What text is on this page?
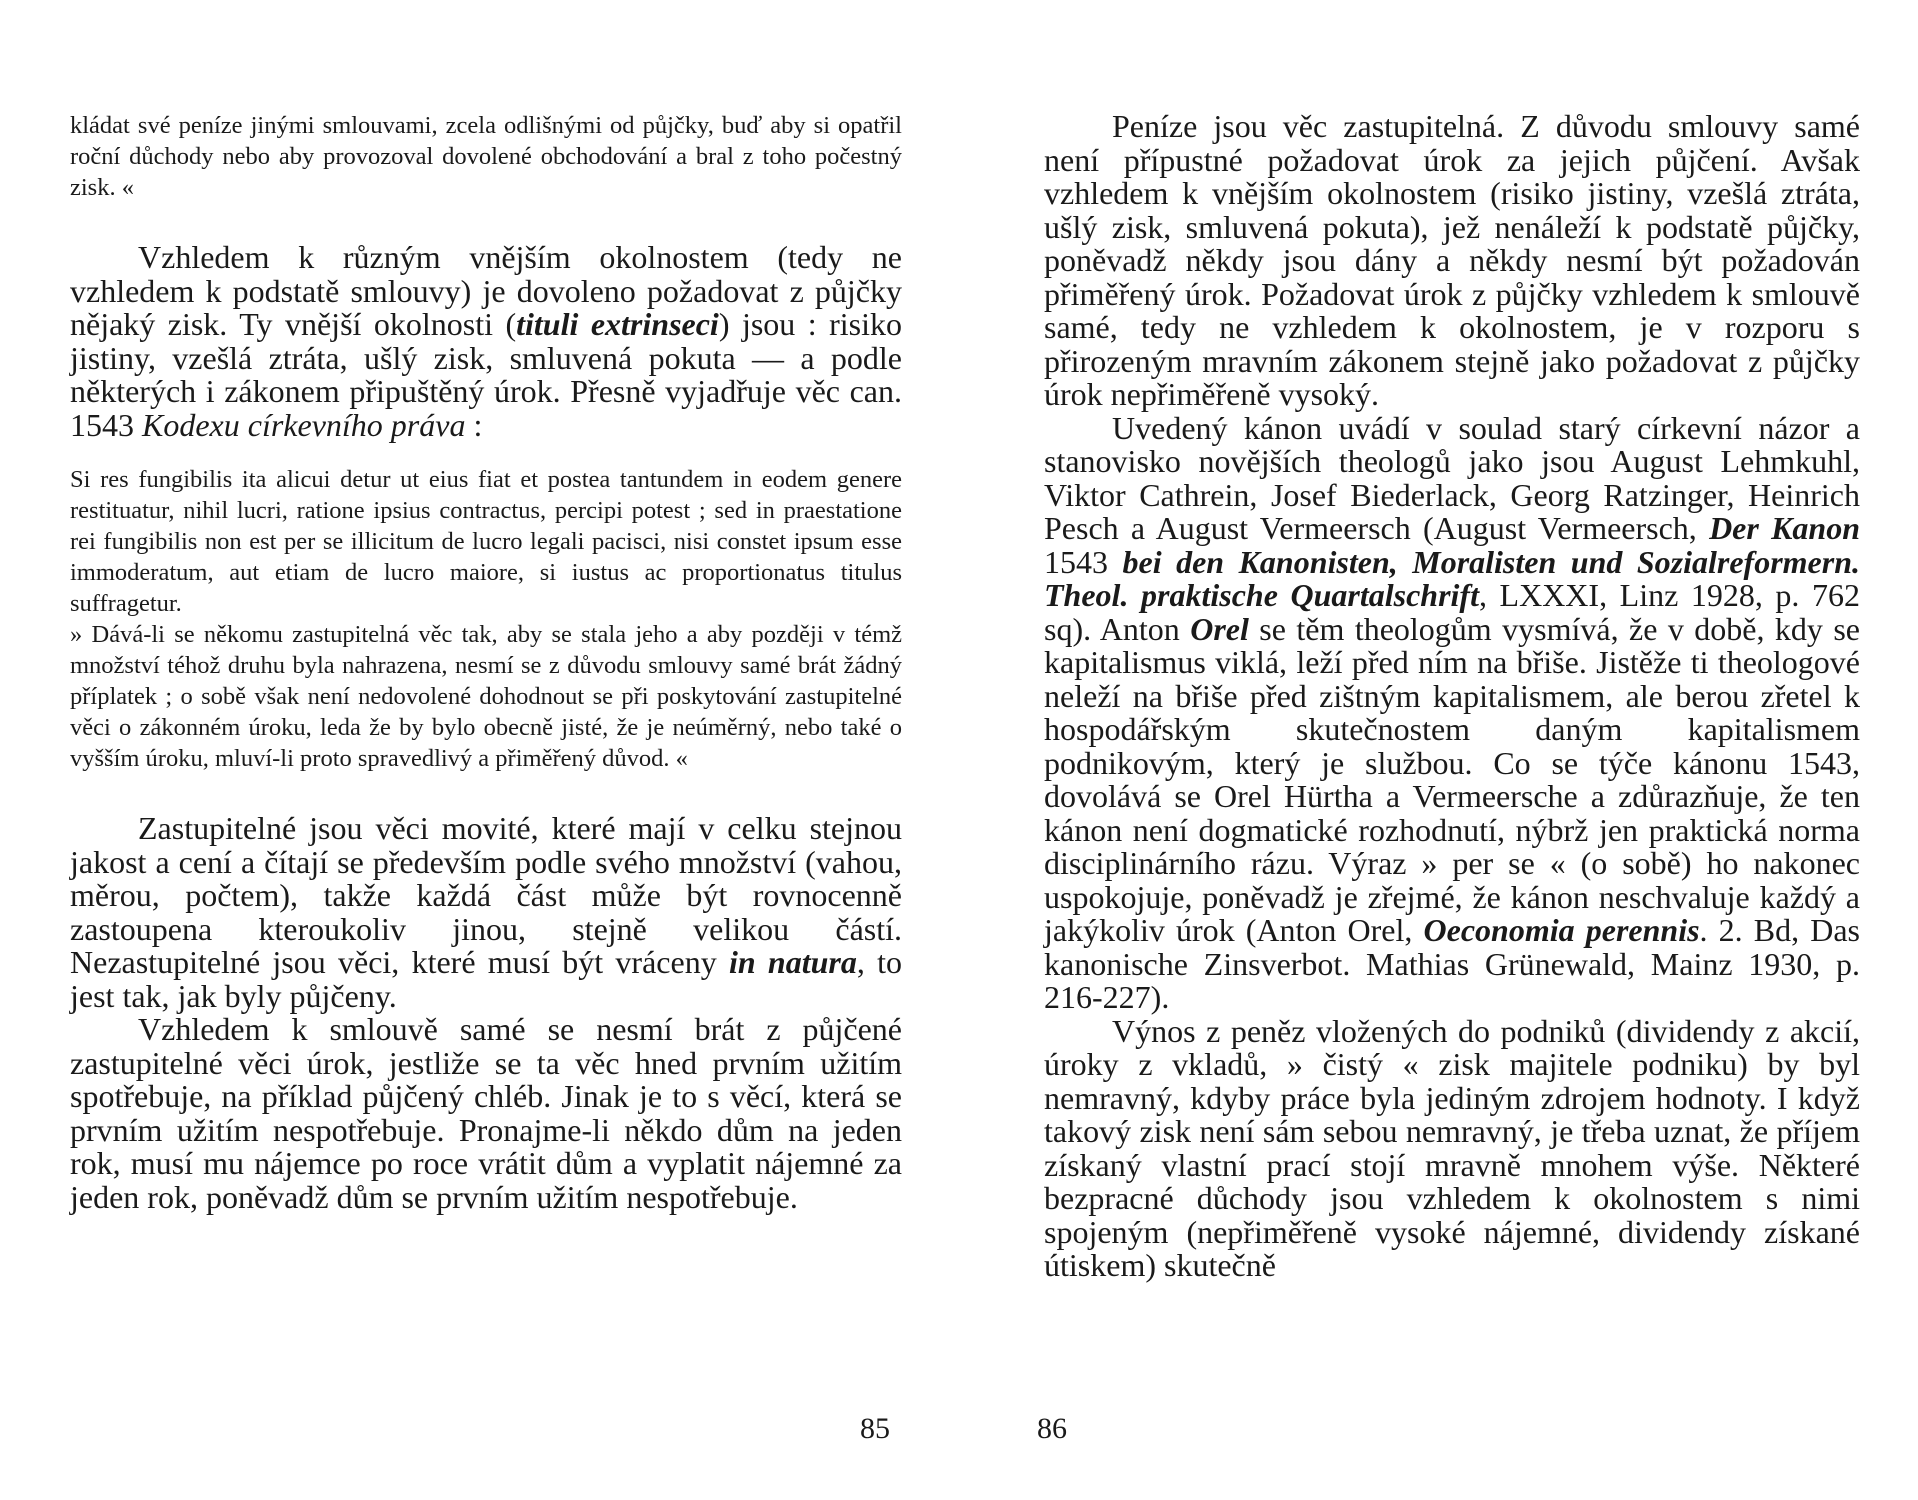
kládat své peníze jinými smlouvami, zcela odlišnými od půjčky, buď aby si opatřil roční důchody nebo aby provozoval dovolené obchodování a bral z toho počestný zisk. «

Vzhledem k různým vnějším okolnostem (tedy ne vzhledem k podstatě smlouvy) je dovoleno požadovat z půjčky nějaký zisk. Ty vnější okolnosti (tituli extrinseci) jsou : risiko jistiny, vzešlá ztráta, ušlý zisk, smluvená pokuta — a podle některých i zákonem připuštěný úrok. Přesně vyjadřuje věc can. 1543 Kodexu církevního práva :

Si res fungibilis ita alicui detur ut eius fiat et postea tantundem in eodem genere restituatur, nihil lucri, ratione ipsius contractus, percipi potest ; sed in praestatione rei fungibilis non est per se illicitum de lucro legali pacisci, nisi constet ipsum esse immoderatum, aut etiam de lucro maiore, si iustus ac proportionatus titulus suffragetur.

» Dává-li se někomu zastupitelná věc tak, aby se stala jeho a aby později v témž množství téhož druhu byla nahrazena, nesmí se z důvodu smlouvy samé brát žádný příplatek ; o sobě však není nedovolené dohodnout se při poskytování zastupitelné věci o zákonném úroku, leda že by bylo obecně jisté, že je neúměrný, nebo také o vyšším úroku, mluví-li proto spravedlivý a přiměřený důvod. «

Zastupitelné jsou věci movité, které mají v celku stejnou jakost a cení a čítají se především podle svého množství (vahou, měrou, počtem), takže každá část může být rovnocenně zastoupena kteroukoliv jinou, stejně velikou částí. Nezastupitelné jsou věci, které musí být vráceny in natura, to jest tak, jak byly půjčeny.

Vzhledem k smlouvě samé se nesmí brát z půjčené zastupitelné věci úrok, jestliže se ta věc hned prvním užitím spotřebuje, na příklad půjčený chléb. Jinak je to s věcí, která se prvním užitím nespotřebuje. Pronajme-li někdo dům na jeden rok, musí mu nájemce po roce vrátit dům a vyplatit nájemné za jeden rok, poněvadž dům se prvním užitím nespotřebuje.

85

Peníze jsou věc zastupitelná. Z důvodu smlouvy samé není přípustné požadovat úrok za jejich půjčení. Avšak vzhledem k vnějším okolnostem (risiko jistiny, vzešlá ztráta, ušlý zisk, smluvená pokuta), jež nenáleží k podstatě půjčky, poněvadž někdy jsou dány a někdy nesmí být požadován přiměřený úrok. Požadovat úrok z půjčky vzhledem k smlouvě samé, tedy ne vzhledem k okolnostem, je v rozporu s přirozeným mravním zákonem stejně jako požadovat z půjčky úrok nepřiměřeně vysoký.

Uvedený kánon uvádí v soulad starý církevní názor a stanovisko novějších theologů jako jsou August Lehmkuhl, Viktor Cathrein, Josef Biederlack, Georg Ratzinger, Heinrich Pesch a August Vermeersch (August Vermeersch, Der Kanon 1543 bei den Kanonisten, Moralisten und Sozialreformern. Theol. praktische Quartalschrift, LXXXI, Linz 1928, p. 762 sq). Anton Orel se těm theologům vysmívá, že v době, kdy se kapitalismus viklá, leží před ním na břiše. Jistěže ti theologové neleží na břiše před zištným kapitalismem, ale berou zřetel k hospodářským skutečnostem daným kapitalismem podnikovým, který je službou. Co se týče kánonu 1543, dovolává se Orel Hürtha a Vermeersche a zdůrazňuje, že ten kánon není dogmatické rozhodnutí, nýbrž jen praktická norma disciplinárního rázu. Výraz » per se « (o sobě) ho nakonec uspokojuje, poněvadž je zřejmé, že kánon neschvaluje každý a jakýkoliv úrok (Anton Orel, Oeconomia perennis. 2. Bd, Das kanonische Zinsverbot. Mathias Grünewald, Mainz 1930, p. 216-227).

Výnos z peněz vložených do podniků (dividendy z akcií, úroky z vkladů, » čistý « zisk majitele podniku) by byl nemravný, kdyby práce byla jediným zdrojem hodnoty. I když takový zisk není sám sebou nemravný, je třeba uznat, že příjem získaný vlastní prací stojí mravně mnohem výše. Některé bezpracné důchody jsou vzhledem k okolnostem s nimi spojeným (nepřiměřeně vysoké nájemné, dividendy získané útiskem) skutečně

86
